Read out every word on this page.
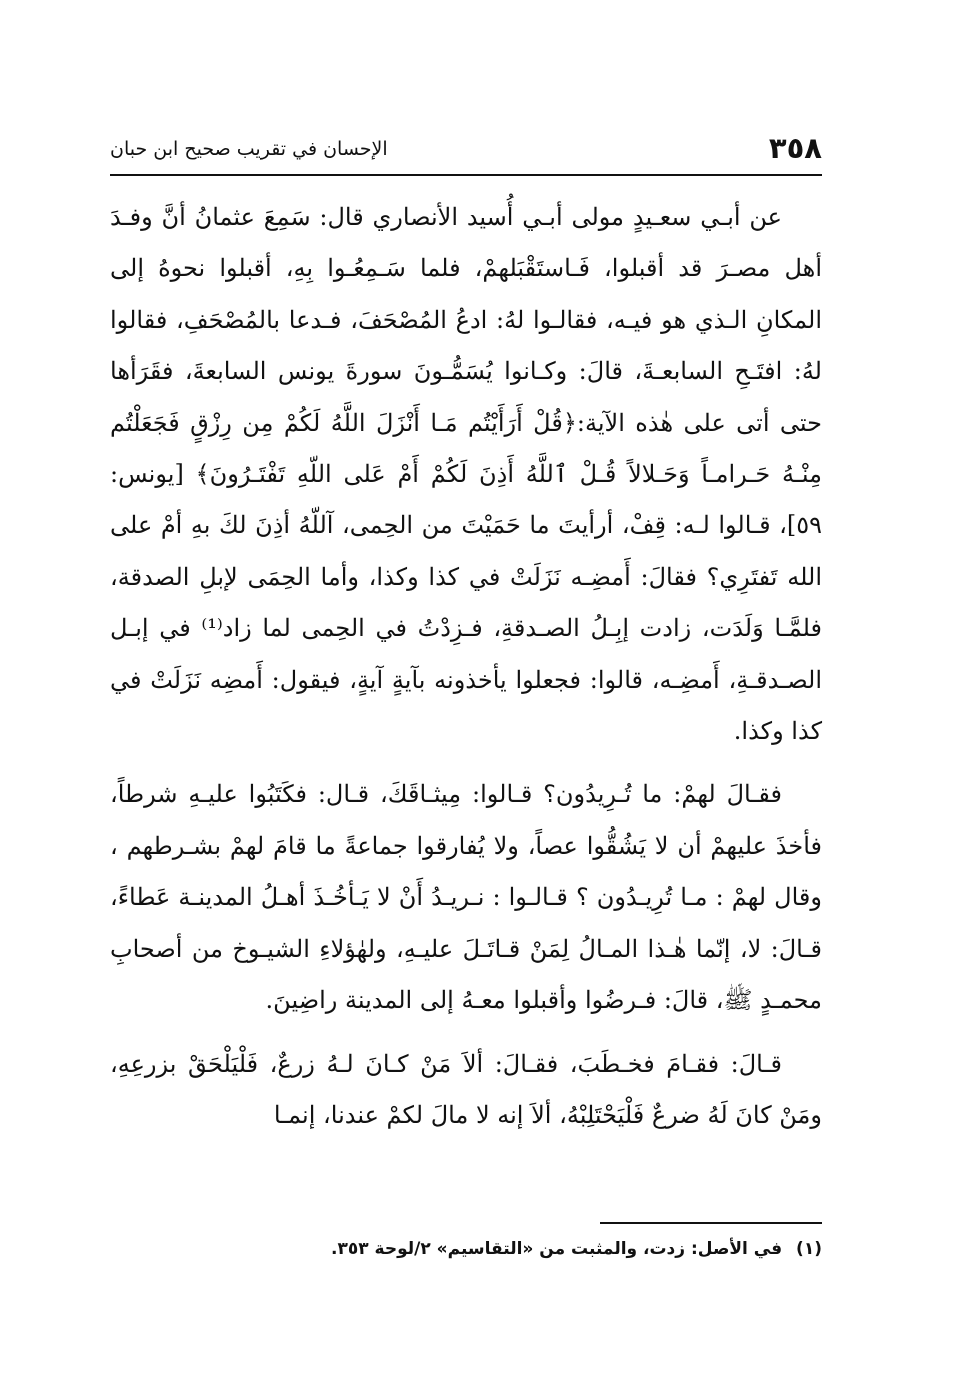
٣٥٨
الإحسان في تقريب صحيح ابن حبان

عن أبـي سعـيدٍ مولى أبـي أُسيد الأنصاري قال: سَمِعَ عثمانُ أنَّ وفـدَ أهل مصـرَ قد أقبلوا، فَـاستَقْبَلهمْ، فلما سَـمِعُـوا بِهِ، أقبلوا نحوهُ إلى المكانِ الـذي هو فيـه، فقالـوا لهُ: ادعُ المُصْحَفَ، فـدعا بالمُصْحَفِ، فقالوا لهُ: افتَـحِ السابعـةَ، قالَ: وكـانوا يُسَمُّـونَ سورةَ يونس السابعةَ، فقَرَأها حتى أتى على هٰذه الآية:﴿قُلْ أَرَأَيْتُم مَـا أَنْزَلَ اللَّهُ لَكُمْ مِن رِزْقٍ فَجَعَلْتُم مِنْـهُ حَـرامـاً وَحَـلالاً قُـلْ ٱللَّهُ أَذِنَ لَكُمْ أَمْ عَلى اللّهِ تَفْتَـرُونَ﴾ [يونس: ٥٩]، قـالوا لـه: قِفْ، أرأيتَ ما حَمَيْتَ من الحِمى، آللّهُ أذِنَ لكَ بهِ أمْ على الله تَفتَرِي؟ فقالَ: أَمضِـه نَزَلَتْ في كذا وكذا، وأما الحِمَى لإبلِ الصدقة، فلمَّـا وَلَدَت، زادت إبِـلُ الصـدقةِ، فـزِدْتُ في الحِمى لما زاد⁽¹⁾ في إبـل الصـدقـةِ، أَمضِـه، قالوا: فجعلوا يأخذونه بآيةٍ آيةٍ، فيقول: أَمضِه نَزَلَتْ في كذا وكذا.

فقـالَ لهمْ: ما تُـرِيدُون؟ قـالوا: مِيثـاقَكَ، قـال: فكَتَبُوا عليـهِ شرطاً، فأخذَ عليهمْ أن لا يَشُقُّوا عصاً، ولا يُفارقوا جماعةً ما قامَ لهمْ بشـرطهم ، وقال لهمْ : مـا تُرِيـدُون ؟ قـالـوا : نـريـدُ أَنْ لا يَـأخُـذَ أهـلُ المدينـة عَطاءً، قـالَ: لا، إنّما هٰـذا المـالُ لِمَنْ قـاتَـلَ عليـهِ، ولهٰؤلاءِ الشيـوخ من أصحابِ محمـدٍ ﷺ، قالَ: فـرضُوا وأقبلوا معـهُ إلى المدينة راضِينَ.

قـالَ: فقـامَ فخـطَبَ، فقـالَ: ألاَ مَنْ كـانَ لـهُ زرعٌ، فَلْيَلْحَقْ بزرعِهِ، ومَنْ كانَ لَهُ ضرعٌ فَلْيَحْتَلِبْهُ، ألاَ إنه لا مالَ لكمْ عندنا، إنمـا

(١) في الأصل: زدت، والمثبت من «التقاسيم» ٢/لوحة ٣٥٣.
